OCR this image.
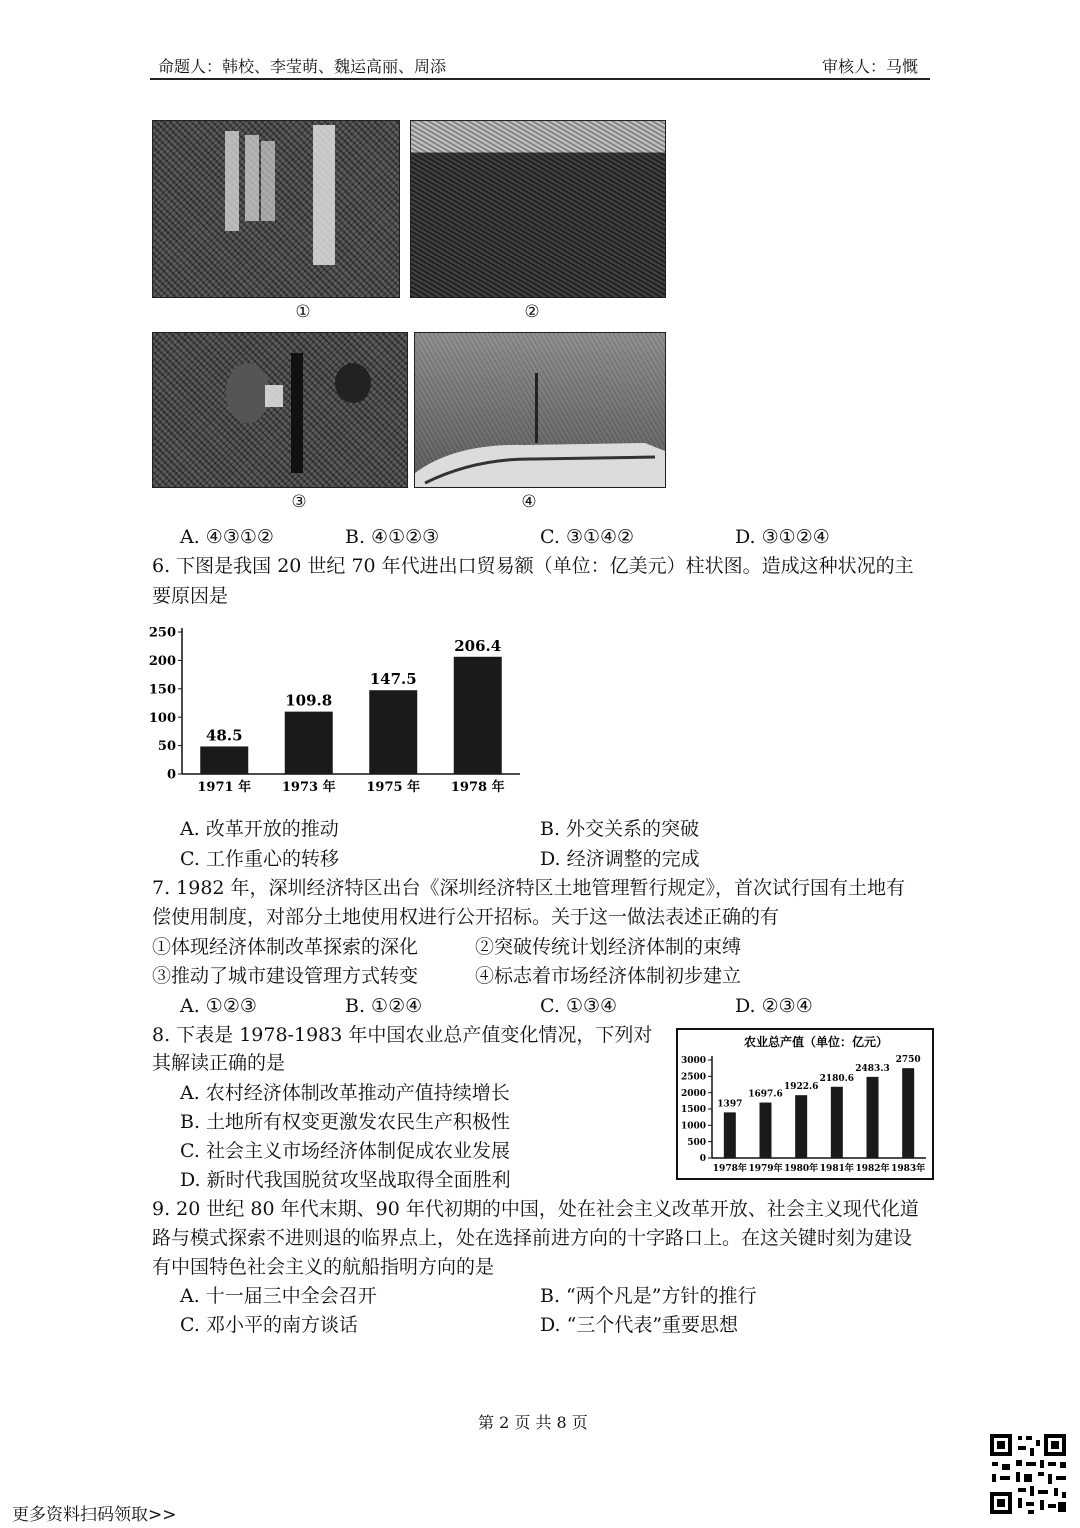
命题人：韩校、李莹萌、魏运高丽、周添	审核人：马慨
①	②
③	④
A. ④③①②	B. ④①②③	C. ③①④②	D. ③①②④
6. 下图是我国 20 世纪 70 年代进出口贸易额（单位：亿美元）柱状图。造成这种状况的主
要原因是
0
50
100
150
200
250
48.5
1971 年
109.8
1973 年
147.5
1975 年
206.4
1978 年
A. 改革开放的推动	B. 外交关系的突破
C. 工作重心的转移	D. 经济调整的完成
7. 1982 年，深圳经济特区出台《深圳经济特区土地管理暂行规定》，首次试行国有土地有
偿使用制度，对部分土地使用权进行公开招标。关于这一做法表述正确的有
①体现经济体制改革探索的深化	②突破传统计划经济体制的束缚
③推动了城市建设管理方式转变	④标志着市场经济体制初步建立
A. ①②③	B. ①②④	C. ①③④	D. ②③④
8. 下表是 1978-1983 年中国农业总产值变化情况，下列对
其解读正确的是
A. 农村经济体制改革推动产值持续增长
B. 土地所有权变更激发农民生产积极性
C. 社会主义市场经济体制促成农业发展
D. 新时代我国脱贫攻坚战取得全面胜利
农业总产值（单位：亿元）
0
500
1000
1500
2000
2500
3000
1397
1978年
1697.6
1979年
1922.6
1980年
2180.6
1981年
2483.3
1982年
2750
1983年
9. 20 世纪 80 年代末期、90 年代初期的中国，处在社会主义改革开放、社会主义现代化道
路与模式探索不进则退的临界点上，处在选择前进方向的十字路口上。在这关键时刻为建设
有中国特色社会主义的航船指明方向的是
A. 十一届三中全会召开	B. “两个凡是”方针的推行
C. 邓小平的南方谈话	D. “三个代表”重要思想
第 2 页 共 8 页
更多资料扫码领取>>
